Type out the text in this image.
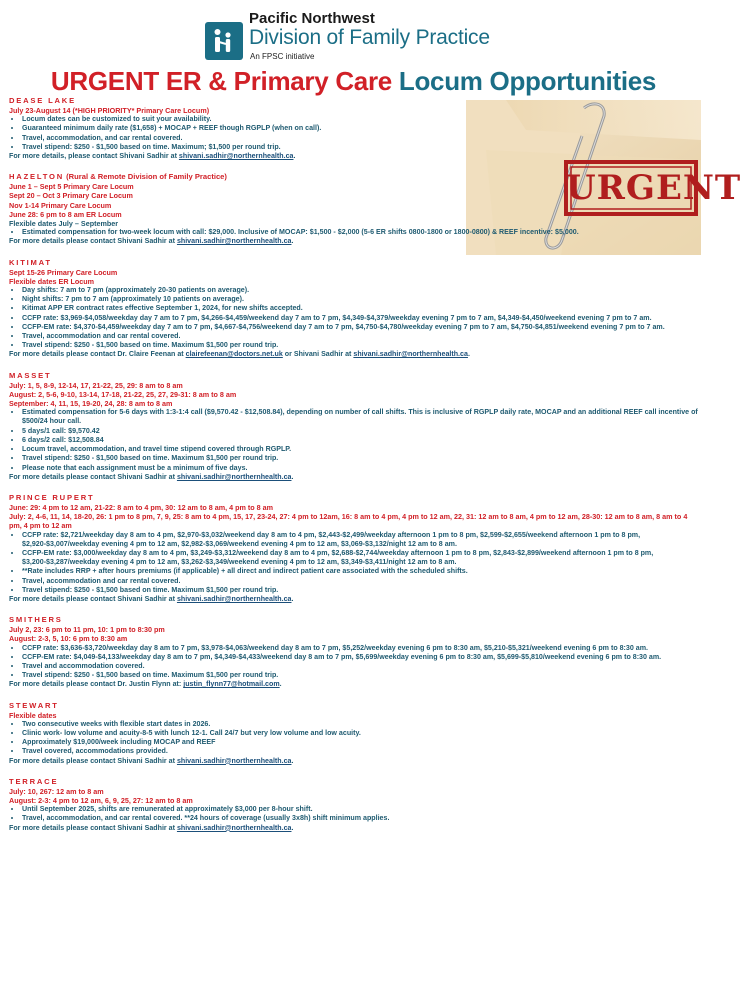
Pacific Northwest
Division of Family Practice
An FPSC initiative
URGENT ER & Primary Care Locum Opportunities
URGENT
DEASE LAKE
July 23-August 14 (*HIGH PRIORITY* Primary Care Locum)
• Locum dates can be customized to suit your availability.
• Guaranteed minimum daily rate ($1,658) + MOCAP + REEF though RGPLP (when on call).
• Travel, accommodation, and car rental covered.
• Travel stipend: $250 - $1,500 based on time. Maximum; $1,500 per round trip.
For more details, please contact Shivani Sadhir at shivani.sadhir@northernhealth.ca.
HAZELTON (Rural & Remote Division of Family Practice)
June 1 – Sept 5 Primary Care Locum
Sept 20 – Oct 3 Primary Care Locum
Nov 1-14 Primary Care Locum
June 28: 6 pm to 8 am ER Locum
Flexible dates July – September
• Estimated compensation for two-week locum with call: $29,000. Inclusive of MOCAP: $1,500 - $2,000 (5-6 ER shifts 0800-1800 or 1800-0800) & REEF incentive: $5,000.
For more details please contact Shivani Sadhir at shivani.sadhir@northernhealth.ca.
KITIMAT
Sept 15-26 Primary Care Locum
Flexible dates ER Locum
• Day shifts: 7 am to 7 pm (approximately 20-30 patients on average).
• Night shifts: 7 pm to 7 am (approximately 10 patients on average).
• Kitimat APP ER contract rates effective September 1, 2024, for new shifts accepted.
• CCFP rate: $3,969-$4,058/weekday day 7 am to 7 pm, $4,266-$4,459/weekend day 7 am to 7 pm, $4,349-$4,379/weekday evening 7 pm to 7 am, $4,349-$4,450/weekend evening 7 pm to 7 am.
• CCFP-EM rate: $4,370-$4,459/weekday day 7 am to 7 pm, $4,667-$4,756/weekend day 7 am to 7 pm, $4,750-$4,780/weekday evening 7 pm to 7 am, $4,750-$4,851/weekend evening 7 pm to 7 am.
• Travel, accommodation and car rental covered.
• Travel stipend: $250 - $1,500 based on time. Maximum $1,500 per round trip.
For more details please contact Dr. Claire Feenan at clairefeenan@doctors.net.uk or Shivani Sadhir at shivani.sadhir@northernhealth.ca.
MASSET
July: 1, 5, 8-9, 12-14, 17, 21-22, 25, 29: 8 am to 8 am
August: 2, 5-6, 9-10, 13-14, 17-18, 21-22, 25, 27, 29-31: 8 am to 8 am
September: 4, 11, 15, 19-20, 24, 28: 8 am to 8 am
• Estimated compensation for 5-6 days with 1:3-1:4 call ($9,570.42 - $12,508.84), depending on number of call shifts. This is inclusive of RGPLP daily rate, MOCAP and an additional REEF call incentive of $500/24 hour call.
• 5 days/1 call: $9,570.42
• 6 days/2 call: $12,508.84
• Locum travel, accommodation, and travel time stipend covered through RGPLP.
• Travel stipend: $250 - $1,500 based on time. Maximum $1,500 per round trip.
• Please note that each assignment must be a minimum of five days.
For more details please contact Shivani Sadhir at shivani.sadhir@northernhealth.ca.
PRINCE RUPERT
June: 29: 4 pm to 12 am, 21-22: 8 am to 4 pm, 30: 12 am to 8 am, 4 pm to 8 am
July: 2, 4-6, 11, 14, 18-20, 26: 1 pm to 8 pm, 7, 9, 25: 8 am to 4 pm, 15, 17, 23-24, 27: 4 pm to 12am, 16: 8 am to 4 pm, 4 pm to 12 am, 22, 31: 12 am to 8 am, 4 pm to 12 am, 28-30: 12 am to 8 am, 8 am to 4 pm, 4 pm to 12 am
• CCFP rate: $2,721/weekday day 8 am to 4 pm, $2,970-$3,032/weekend day 8 am to 4 pm, $2,443-$2,499/weekday afternoon 1 pm to 8 pm, $2,599-$2,655/weekend afternoon 1 pm to 8 pm, $2,920-$3,007/weekday evening 4 pm to 12 am, $2,982-$3,069/weekend evening 4 pm to 12 am, $3,069-$3,132/night 12 am to 8 am.
• CCFP-EM rate: $3,000/weekday day 8 am to 4 pm, $3,249-$3,312/weekend day 8 am to 4 pm, $2,688-$2,744/weekday afternoon 1 pm to 8 pm, $2,843-$2,899/weekend afternoon 1 pm to 8 pm, $3,200-$3,287/weekday evening 4 pm to 12 am, $3,262-$3,349/weekend evening 4 pm to 12 am, $3,349-$3,411/night 12 am to 8 am.
• **Rate includes RRP + after hours premiums (if applicable) + all direct and indirect patient care associated with the scheduled shifts.
• Travel, accommodation and car rental covered.
• Travel stipend: $250 - $1,500 based on time. Maximum $1,500 per round trip.
For more details please contact Shivani Sadhir at shivani.sadhir@northernhealth.ca.
SMITHERS
July 2, 23: 6 pm to 11 pm, 10: 1 pm to 8:30 pm
August: 2-3, 5, 10: 6 pm to 8:30 am
• CCFP rate: $3,636-$3,720/weekday day 8 am to 7 pm, $3,978-$4,063/weekend day 8 am to 7 pm, $5,252/weekday evening 6 pm to 8:30 am, $5,210-$5,321/weekend evening 6 pm to 8:30 am.
• CCFP-EM rate: $4,049-$4,133/weekday day 8 am to 7 pm, $4,349-$4,433/weekend day 8 am to 7 pm, $5,699/weekday evening 6 pm to 8:30 am, $5,699-$5,810/weekend evening 6 pm to 8:30 am.
• Travel and accommodation covered.
• Travel stipend: $250 - $1,500 based on time. Maximum $1,500 per round trip.
For more details please contact Dr. Justin Flynn at: justin_flynn77@hotmail.com.
STEWART
Flexible dates
• Two consecutive weeks with flexible start dates in 2026.
• Clinic work- low volume and acuity-8-5 with lunch 12-1. Call 24/7 but very low volume and low acuity.
• Approximately $19,000/week including MOCAP and REEF
• Travel covered, accommodations provided.
For more details please contact Shivani Sadhir at shivani.sadhir@northernhealth.ca.
TERRACE
July: 10, 267: 12 am to 8 am
August: 2-3: 4 pm to 12 am, 6, 9, 25, 27: 12 am to 8 am
• Until September 2025, shifts are remunerated at approximately $3,000 per 8-hour shift.
• Travel, accommodation, and car rental covered. **24 hours of coverage (usually 3x8h) shift minimum applies.
For more details please contact Shivani Sadhir at shivani.sadhir@northernhealth.ca.
